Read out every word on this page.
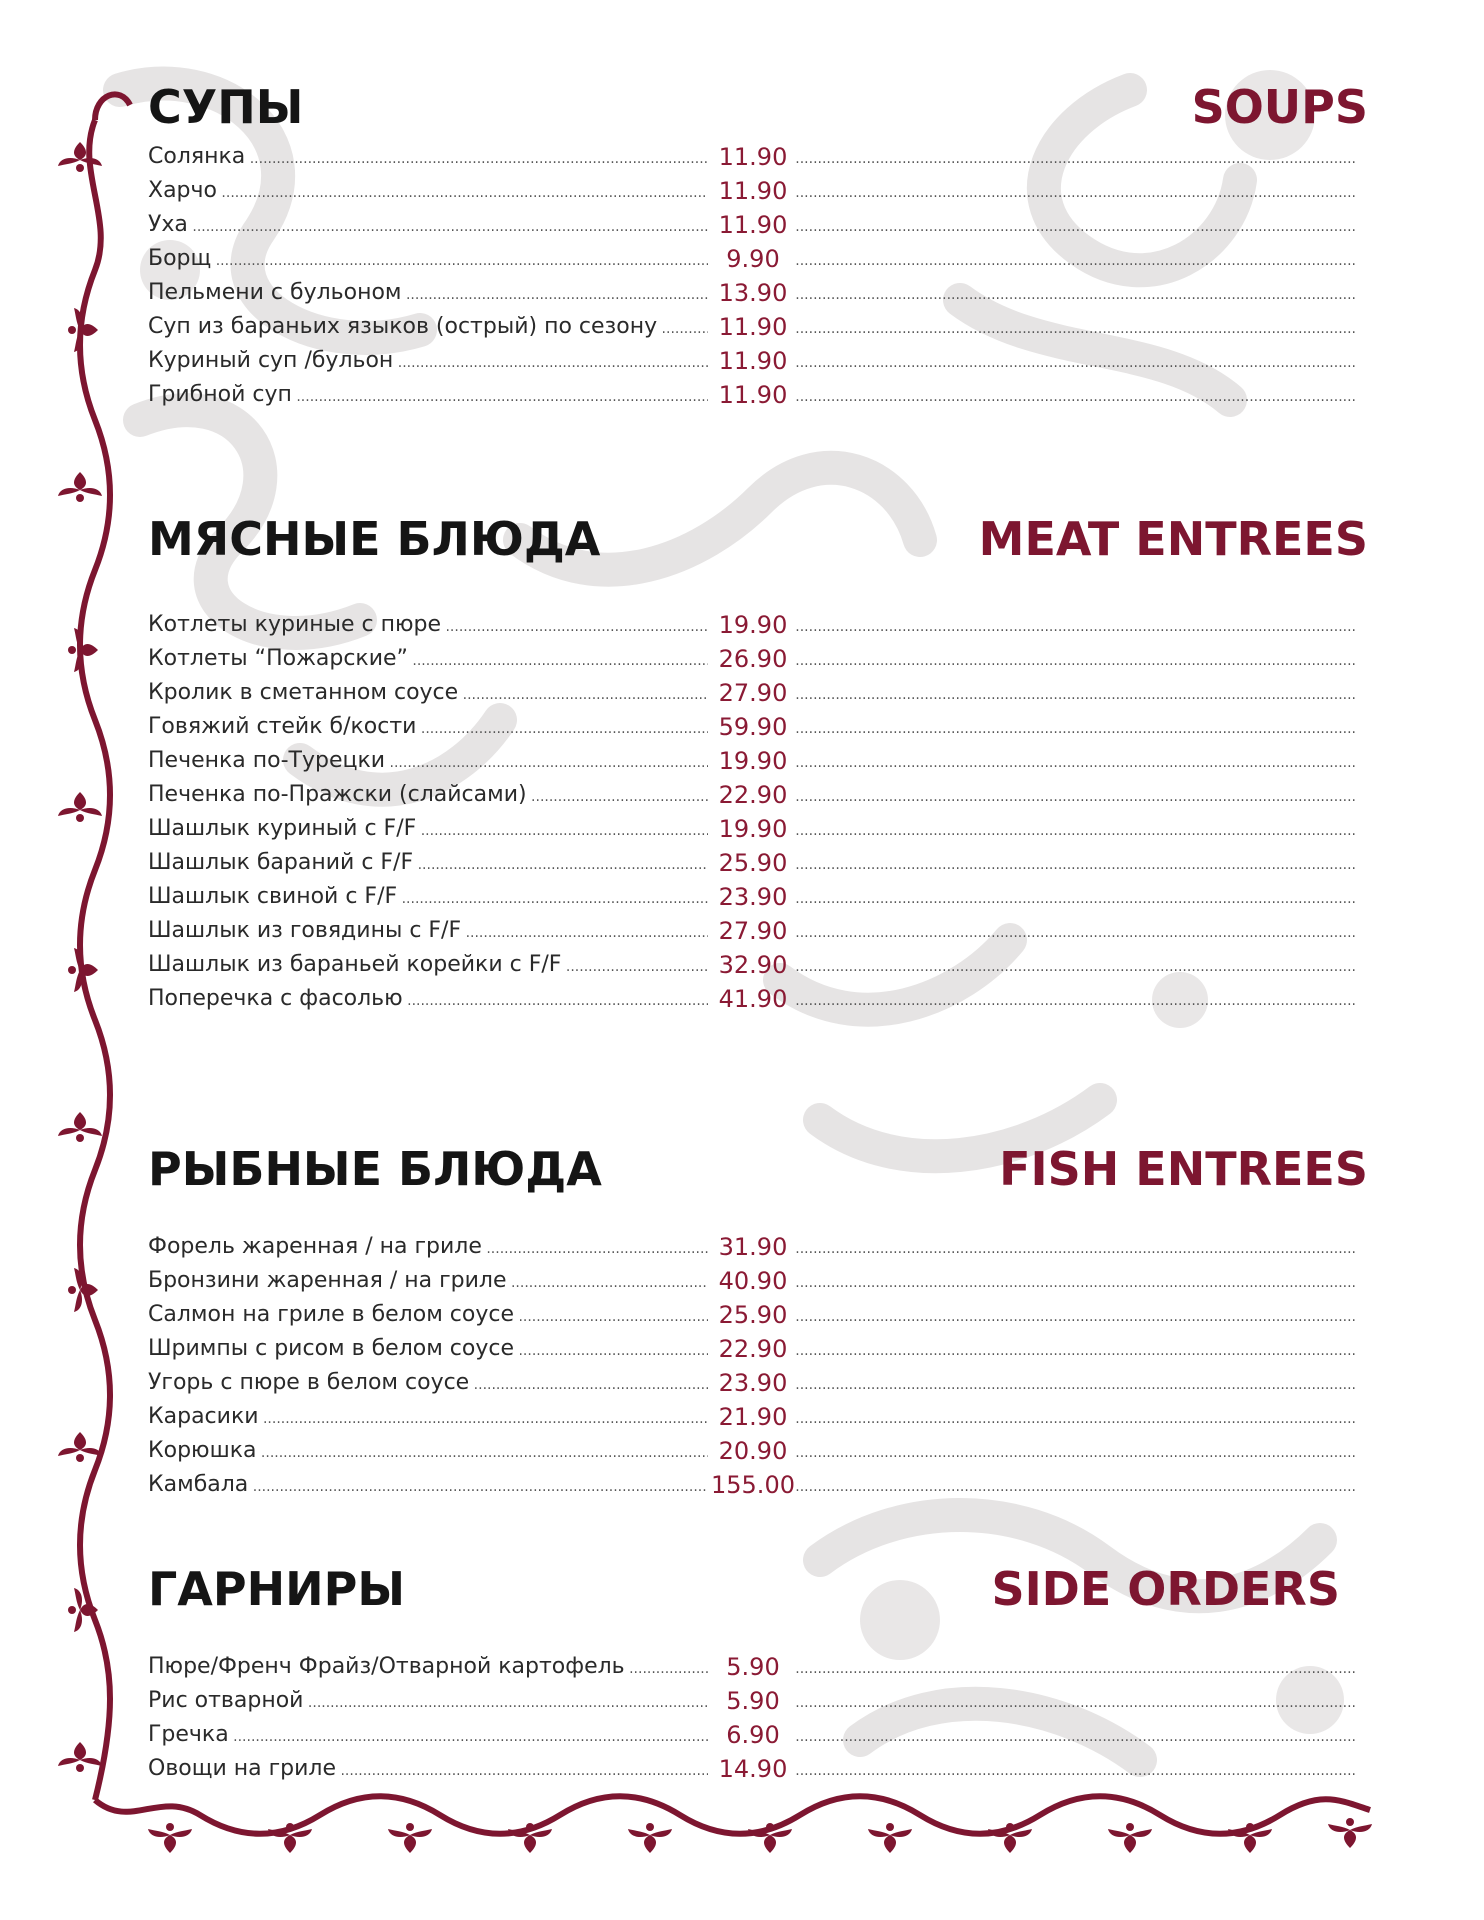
СУПЫ	SOUPS
Солянка .....	11.90
.....
Харчо .....	11.90
.....
Уха .....	11.90
.....
Борщ .....	9.90
.....
Пельмени с бульоном .....	13.90
.....
Суп из бараньих языков (острый) по сезону .....	11.90
.....
Куриный суп /бульон .....	11.90
.....
Грибной суп .....	11.90
.....
МЯСНЫЕ БЛЮДА	MEAT ENTREES
Котлеты куриные с пюре .....	19.90
.....
Котлеты “Пожарские” .....	26.90
.....
Кролик в сметанном соусе .....	27.90
.....
Говяжий стейк б/кости .....	59.90
.....
Печенка по-Турецки .....	19.90
.....
Печенка по-Пражски (слайсами) .....	22.90
.....
Шашлык куриный с F/F .....	19.90
.....
Шашлык бараний с F/F .....	25.90
.....
Шашлык свиной с F/F .....	23.90
.....
Шашлык из говядины с F/F .....	27.90
.....
Шашлык из бараньей корейки с F/F .....	32.90
.....
Поперечка с фасолью .....	41.90
.....
РЫБНЫЕ БЛЮДА	FISH ENTREES
Форель жаренная / на гриле .....	31.90
.....
Бронзини жаренная / на гриле .....	40.90
.....
Салмон на гриле в белом соусе .....	25.90
.....
Шримпы с рисом в белом соусе .....	22.90
.....
Угорь с пюре в белом соусе .....	23.90
.....
Карасики .....	21.90
.....
Корюшка .....	20.90
.....
Камбала .....	155.00
.....
ГАРНИРЫ	SIDE ORDERS
Пюре/Френч Фрайз/Отварной картофель .....	5.90
.....
Рис отварной .....	5.90
.....
Гречка .....	6.90
.....
Овощи на гриле .....	14.90
.....
